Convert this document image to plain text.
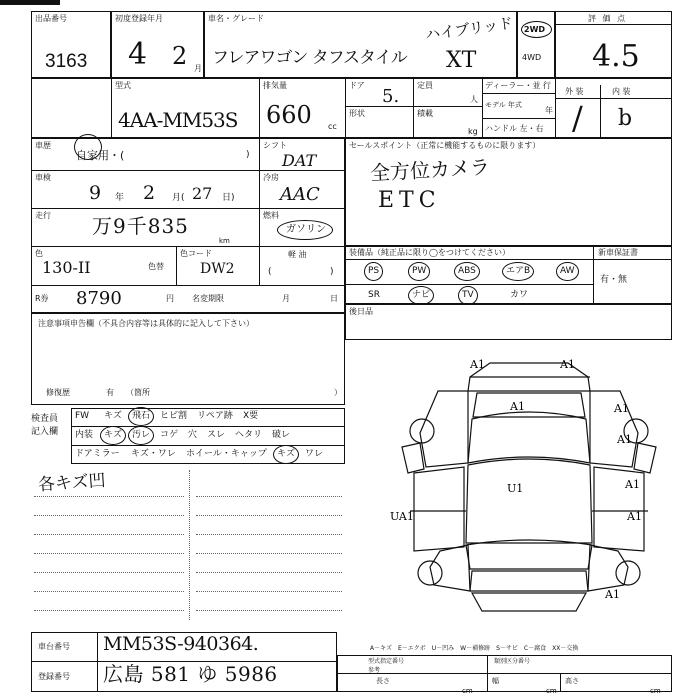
出品番号
3163
初度登録年月
4 2 月
車名・グレード	ハイブリッド
フレアワゴン タフスタイル XT
2WD
4WD
評 価 点
4.5
型式
4AA-MM53S
排気量
660 cc
ドア
5.
定員
人
形状	積載
kg
ディーラー・並 行
モデル 年式
年
ハンドル 左・右
外 装	内 装
/ b
車歴
自家用・(	)
シフト
DAT
車検
9 年 2 月( 27 日)
冷房
AAC
走行 万9千835
km
燃料
ガソリン
色
130-II	色替
色コード
DW2
軽 油
(	)
R券 8790	円 名変期限	月	日
セールスポイント（正常に機能するものに限ります）
全方位カメラ
ETC
装備品（純正品に限り◯をつけてください）	新車保証書
有・無
PS	PW	ABS	エアB	AW
SR	ナビ	TV	カワ
後日品
注意事項申告欄（不具合内容等は具体的に記入して下さい）
修復歴	有 （箇所	）
検査員 記入欄
FW キズ 飛石 ヒビ割 リペア跡 X要
内装 キズ 汚レ コゲ 穴 スレ ヘタリ 破レ
ドアミラー キズ・ワレ ホイール・キャップ キズ ワレ
各キズ凹
A1	A1
A1	A1
A1
U1	A1
UA1	A1
A1
車台番号 MM53S-940364.
登録番号 広島 581 ゆ 5986
A－キズ　E－エクボ　U－凹み　W－補修跡　S－サビ　C－腐食　XX－交換
型式指定番号	類別区分番号
参考
長さ	幅	高さ
cm	cm	cm
